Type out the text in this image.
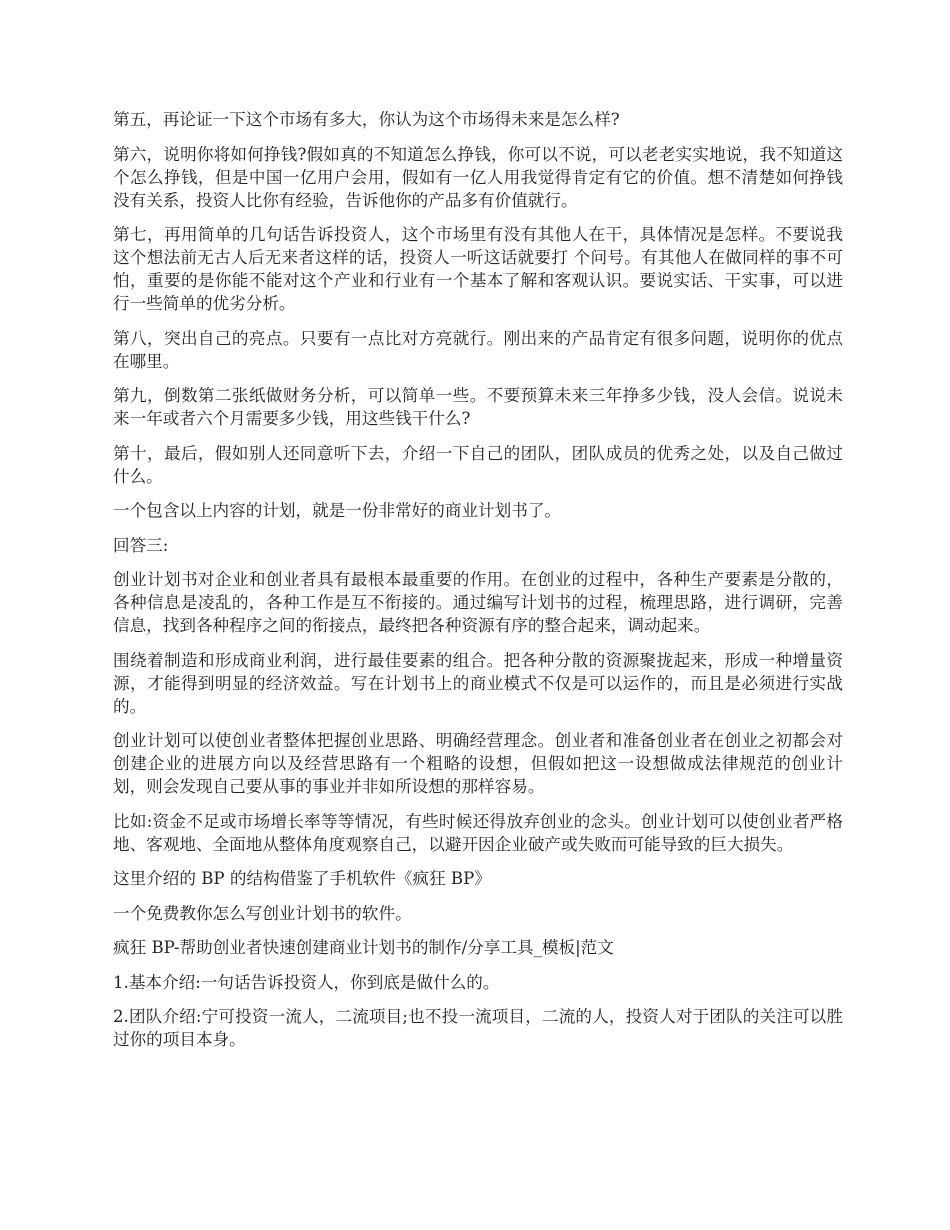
第五，再论证一下这个市场有多大，你认为这个市场得未来是怎么样?

第六，说明你将如何挣钱?假如真的不知道怎么挣钱，你可以不说，可以老老实实地说，我不知道这个怎么挣钱，但是中国一亿用户会用，假如有一亿人用我觉得肯定有它的价值。想不清楚如何挣钱没有关系，投资人比你有经验，告诉他你的产品多有价值就行。

第七，再用简单的几句话告诉投资人，这个市场里有没有其他人在干，具体情况是怎样。不要说我这个想法前无古人后无来者这样的话，投资人一听这话就要打 个问号。有其他人在做同样的事不可怕，重要的是你能不能对这个产业和行业有一个基本了解和客观认识。要说实话、干实事，可以进行一些简单的优劣分析。

第八，突出自己的亮点。只要有一点比对方亮就行。刚出来的产品肯定有很多问题，说明你的优点在哪里。

第九，倒数第二张纸做财务分析，可以简单一些。不要预算未来三年挣多少钱，没人会信。说说未来一年或者六个月需要多少钱，用这些钱干什么?

第十，最后，假如别人还同意听下去，介绍一下自己的团队，团队成员的优秀之处，以及自己做过什么。

一个包含以上内容的计划，就是一份非常好的商业计划书了。

回答三:

创业计划书对企业和创业者具有最根本最重要的作用。在创业的过程中，各种生产要素是分散的，各种信息是凌乱的，各种工作是互不衔接的。通过编写计划书的过程，梳理思路，进行调研，完善信息，找到各种程序之间的衔接点，最终把各种资源有序的整合起来，调动起来。

围绕着制造和形成商业利润，进行最佳要素的组合。把各种分散的资源聚拢起来，形成一种增量资源，才能得到明显的经济效益。写在计划书上的商业模式不仅是可以运作的，而且是必须进行实战的。

创业计划可以使创业者整体把握创业思路、明确经营理念。创业者和准备创业者在创业之初都会对创建企业的进展方向以及经营思路有一个粗略的设想，但假如把这一设想做成法律规范的创业计划，则会发现自己要从事的事业并非如所设想的那样容易。

比如:资金不足或市场增长率等等情况，有些时候还得放弃创业的念头。创业计划可以使创业者严格地、客观地、全面地从整体角度观察自己，以避开因企业破产或失败而可能导致的巨大损失。

这里介绍的 BP 的结构借鉴了手机软件《疯狂 BP》

一个免费教你怎么写创业计划书的软件。

疯狂 BP-帮助创业者快速创建商业计划书的制作/分享工具_模板|范文

1.基本介绍:一句话告诉投资人，你到底是做什么的。

2.团队介绍:宁可投资一流人，二流项目;也不投一流项目，二流的人，投资人对于团队的关注可以胜过你的项目本身。
